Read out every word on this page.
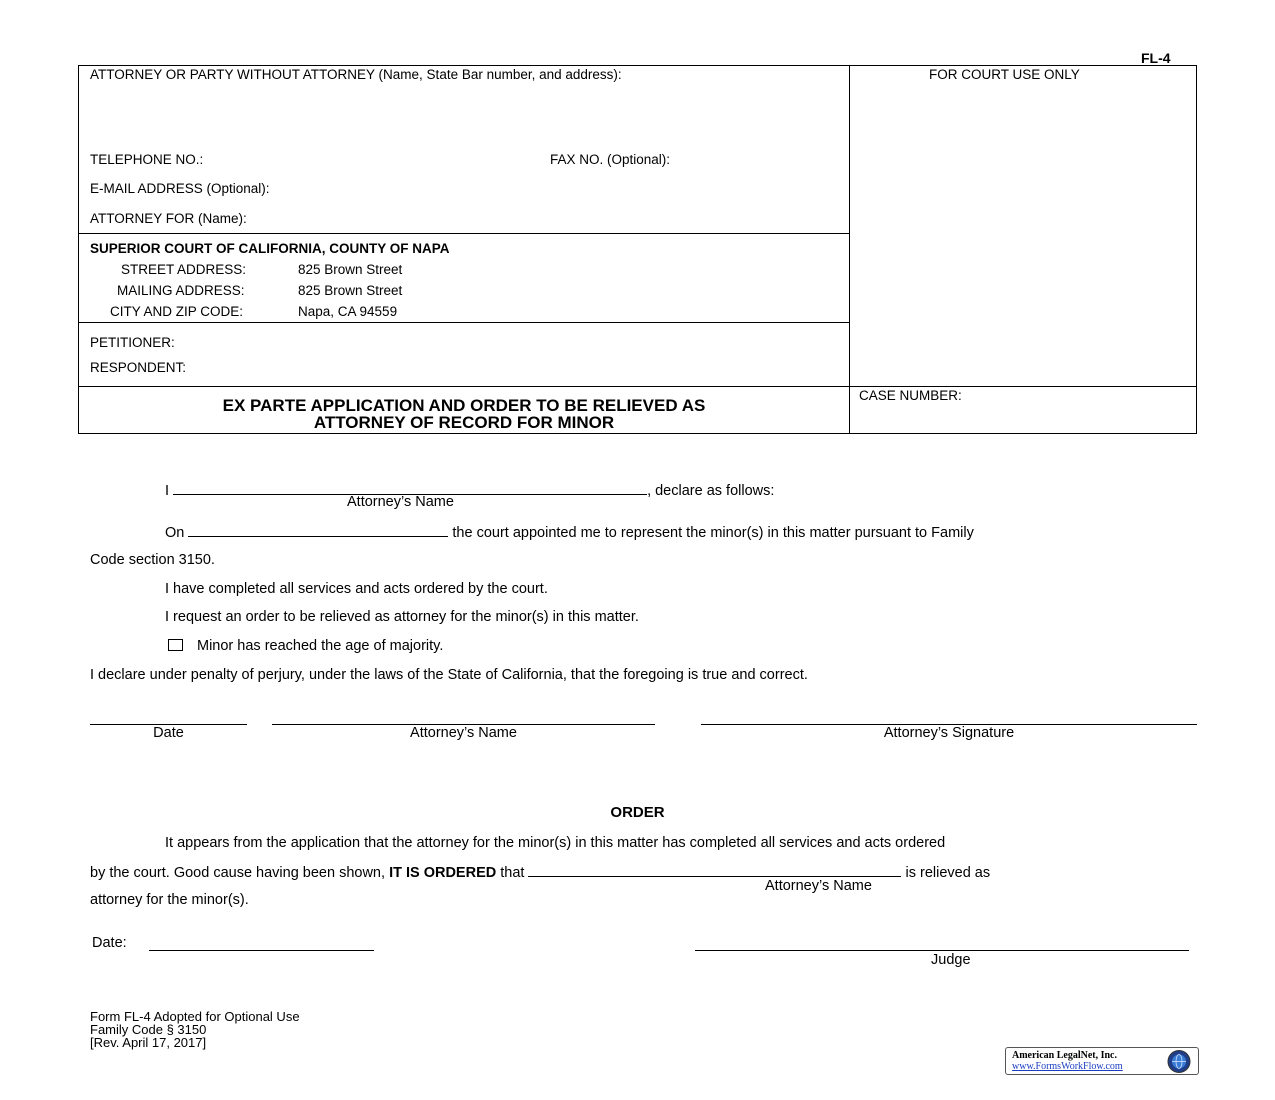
FL-4
ATTORNEY OR PARTY WITHOUT ATTORNEY (Name, State Bar number, and address):	FOR COURT USE ONLY
TELEPHONE NO.:	FAX NO. (Optional):
E-MAIL ADDRESS (Optional):
ATTORNEY FOR (Name):
SUPERIOR COURT OF CALIFORNIA, COUNTY OF NAPA
STREET ADDRESS:	825 Brown Street
MAILING ADDRESS:	825 Brown Street
CITY AND ZIP CODE:	Napa, CA 94559
PETITIONER:
RESPONDENT:
EX PARTE APPLICATION AND ORDER TO BE RELIEVED AS
ATTORNEY OF RECORD FOR MINOR
CASE NUMBER:
I	, declare as follows:
Attorney’s Name
On	the court appointed me to represent the minor(s) in this matter pursuant to Family
Code section 3150.
I have completed all services and acts ordered by the court.
I request an order to be relieved as attorney for the minor(s) in this matter.
Minor has reached the age of majority.
I declare under penalty of perjury, under the laws of the State of California, that the foregoing is true and correct.
Date	Attorney’s Name	Attorney’s Signature
ORDER
It appears from the application that the attorney for the minor(s) in this matter has completed all services and acts ordered
by the court. Good cause having been shown, IT IS ORDERED that	is relieved as
Attorney’s Name
attorney for the minor(s).
Date:
Judge
Form FL-4 Adopted for Optional Use
Family Code § 3150
[Rev. April 17, 2017]
American LegalNet, Inc.
www.FormsWorkFlow.com
